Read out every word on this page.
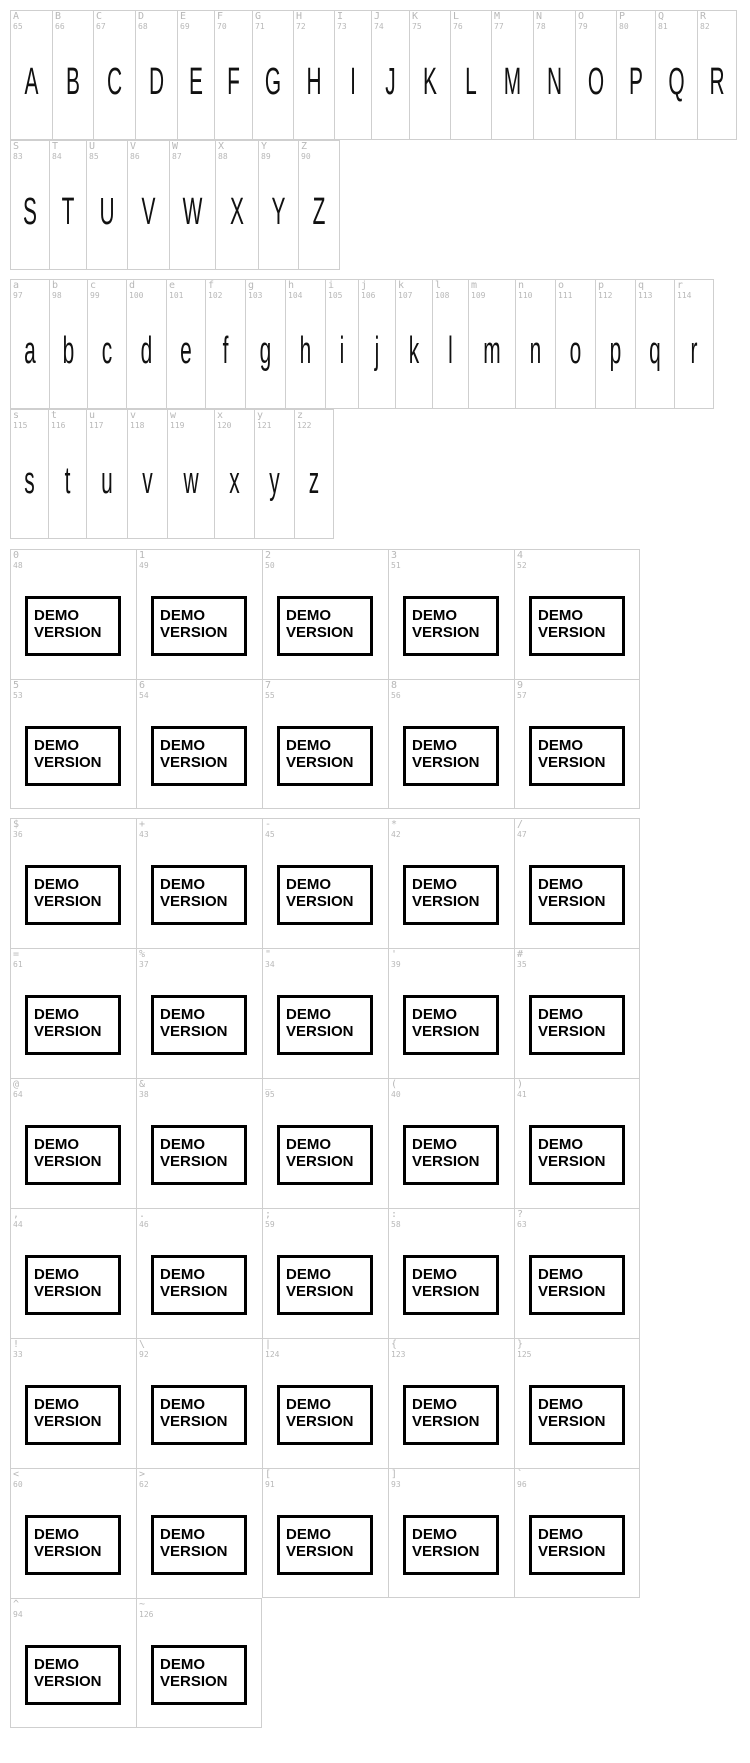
A
65
A
B
66
B
C
67
C
D
68
D
E
69
E
F
70
F
G
71
G
H
72
H
I
73
I
J
74
J
K
75
K
L
76
L
M
77
M
N
78
N
O
79
O
P
80
P
Q
81
Q
R
82
R
S
83
S
T
84
T
U
85
U
V
86
V
W
87
W
X
88
X
Y
89
Y
Z
90
Z
a
97
a
b
98
b
c
99
c
d
100
d
e
101
e
f
102
f
g
103
g
h
104
h
i
105
i
j
106
j
k
107
k
l
108
l
m
109
m
n
110
n
o
111
o
p
112
p
q
113
q
r
114
r
s
115
s
t
116
t
u
117
u
v
118
v
w
119
w
x
120
x
y
121
y
z
122
z
0
48
DEMO
VERSION
1
49
DEMO
VERSION
2
50
DEMO
VERSION
3
51
DEMO
VERSION
4
52
DEMO
VERSION
5
53
DEMO
VERSION
6
54
DEMO
VERSION
7
55
DEMO
VERSION
8
56
DEMO
VERSION
9
57
DEMO
VERSION
$
36
DEMO
VERSION
+
43
DEMO
VERSION
-
45
DEMO
VERSION
*
42
DEMO
VERSION
/
47
DEMO
VERSION
=
61
DEMO
VERSION
%
37
DEMO
VERSION
"
34
DEMO
VERSION
'
39
DEMO
VERSION
#
35
DEMO
VERSION
@
64
DEMO
VERSION
&
38
DEMO
VERSION
_
95
DEMO
VERSION
(
40
DEMO
VERSION
)
41
DEMO
VERSION
,
44
DEMO
VERSION
.
46
DEMO
VERSION
;
59
DEMO
VERSION
:
58
DEMO
VERSION
?
63
DEMO
VERSION
!
33
DEMO
VERSION
\
92
DEMO
VERSION
|
124
DEMO
VERSION
{
123
DEMO
VERSION
}
125
DEMO
VERSION
<
60
DEMO
VERSION
>
62
DEMO
VERSION
[
91
DEMO
VERSION
]
93
DEMO
VERSION
`
96
DEMO
VERSION
^
94
DEMO
VERSION
~
126
DEMO
VERSION
